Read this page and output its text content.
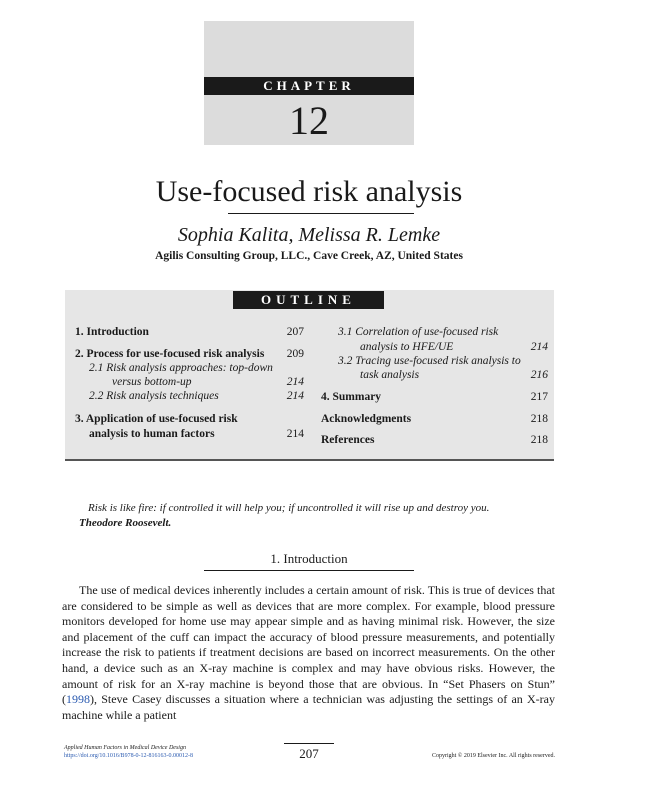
CHAPTER
12
Use-focused risk analysis
Sophia Kalita, Melissa R. Lemke
Agilis Consulting Group, LLC., Cave Creek, AZ, United States
OUTLINE
1. Introduction	207
2. Process for use-focused risk analysis	209
2.1 Risk analysis approaches: top-down
versus bottom-up	214
2.2 Risk analysis techniques	214
3. Application of use-focused risk
analysis to human factors	214
3.1 Correlation of use-focused risk
analysis to HFE/UE	214
3.2 Tracing use-focused risk analysis to
task analysis	216
4. Summary	217
Acknowledgments	218
References	218
Risk is like fire: if controlled it will help you; if uncontrolled it will rise up and destroy you.
Theodore Roosevelt.
1. Introduction
The use of medical devices inherently includes a certain amount of risk. This is true of devices that are considered to be simple as well as devices that are more complex. For example, blood pressure monitors developed for home use may appear simple and as having minimal risk. However, the size and placement of the cuff can impact the accuracy of blood pressure measurements, and potentially increase the risk to patients if treatment decisions are based on incorrect measurements. On the other hand, a device such as an X-ray machine is complex and may have obvious risks. However, the amount of risk for an X-ray machine is beyond those that are obvious. In “Set Phasers on Stun” (1998), Steve Casey discusses a situation where a technician was adjusting the settings of an X-ray machine while a patient
Applied Human Factors in Medical Device Design
https://doi.org/10.1016/B978-0-12-816163-0.00012-8	207	Copyright © 2019 Elsevier Inc. All rights reserved.
